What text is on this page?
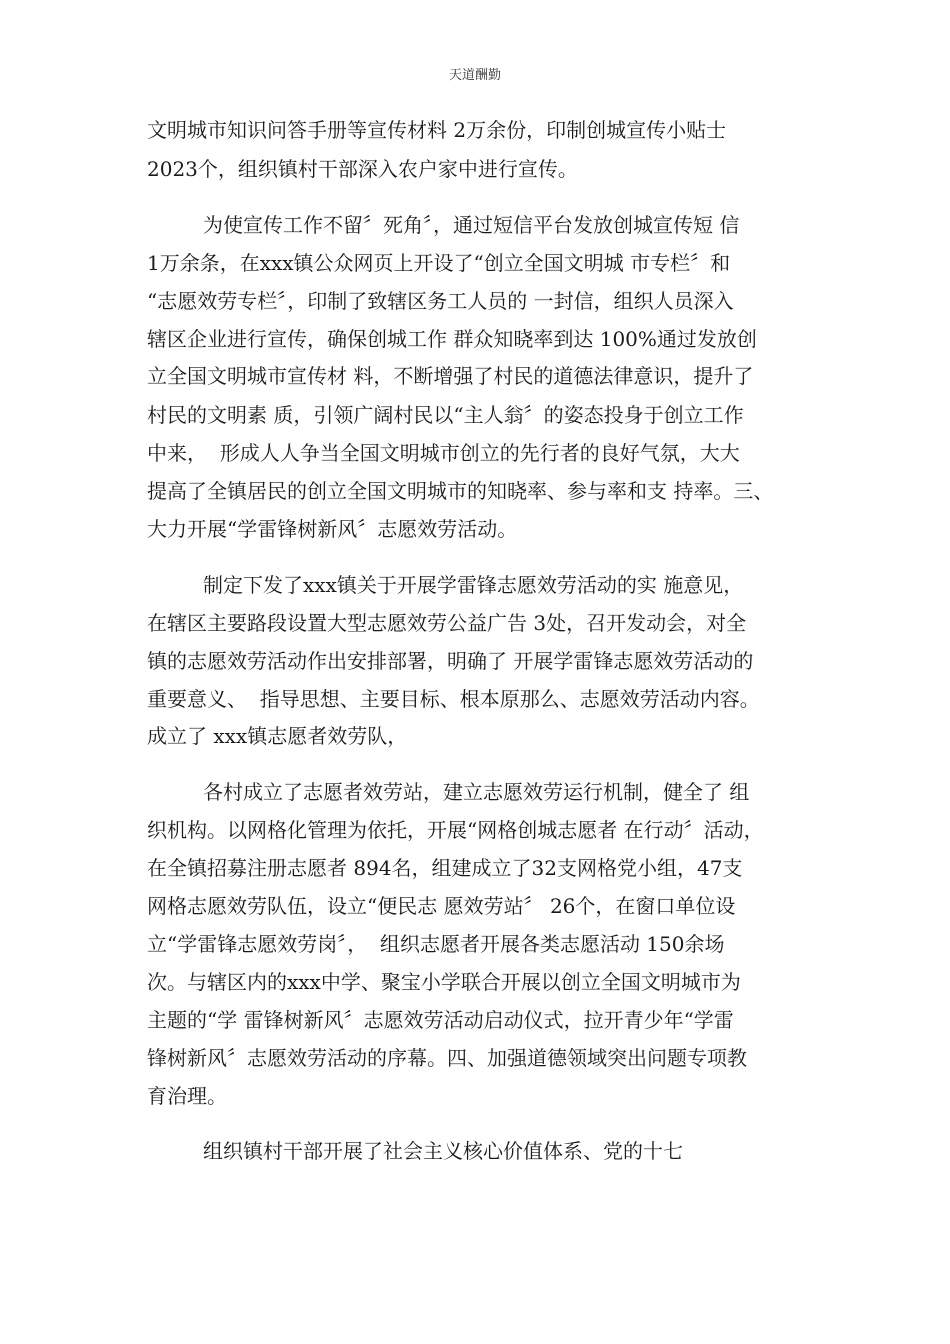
天道酬勤
文明城市知识问答手册等宣传材料 2万余份，印制创城宣传小贴士
2023个，组织镇村干部深入农户家中进行宣传。
为使宣传工作不留〞死角〞，通过短信平台发放创城宣传短 信
1万余条，在xxx镇公众网页上开设了“创立全国文明城 市专栏〞和
“志愿效劳专栏〞，印制了致辖区务工人员的 一封信，组织人员深入
辖区企业进行宣传，确保创城工作 群众知晓率到达 100%通过发放创
立全国文明城市宣传材 料，不断增强了村民的道德法律意识，提升了
村民的文明素 质，引领广阔村民以“主人翁〞的姿态投身于创立工作
中来，  形成人人争当全国文明城市创立的先行者的良好气氛，大大
提高了全镇居民的创立全国文明城市的知晓率、参与率和支 持率。三、
大力开展“学雷锋树新风〞志愿效劳活动。
制定下发了xxx镇关于开展学雷锋志愿效劳活动的实 施意见，
在辖区主要路段设置大型志愿效劳公益广告 3处，召开发动会，对全
镇的志愿效劳活动作出安排部署，明确了 开展学雷锋志愿效劳活动的
重要意义、  指导思想、主要目标、根本原那么、志愿效劳活动内容。
成立了 xxx镇志愿者效劳队，
各村成立了志愿者效劳站，建立志愿效劳运行机制，健全了 组
织机构。以网格化管理为依托，开展“网格创城志愿者 在行动〞活动，
在全镇招募注册志愿者 894名，组建成立了32支网格党小组，47支
网格志愿效劳队伍，设立“便民志 愿效劳站〞 26个，在窗口单位设
立“学雷锋志愿效劳岗〞，  组织志愿者开展各类志愿活动 150余场
次。与辖区内的xxx中学、聚宝小学联合开展以创立全国文明城市为
主题的“学 雷锋树新风〞志愿效劳活动启动仪式，拉开青少年“学雷
锋树新风〞志愿效劳活动的序幕。四、加强道德领域突出问题专项教
育治理。
组织镇村干部开展了社会主义核心价值体系、党的十七
